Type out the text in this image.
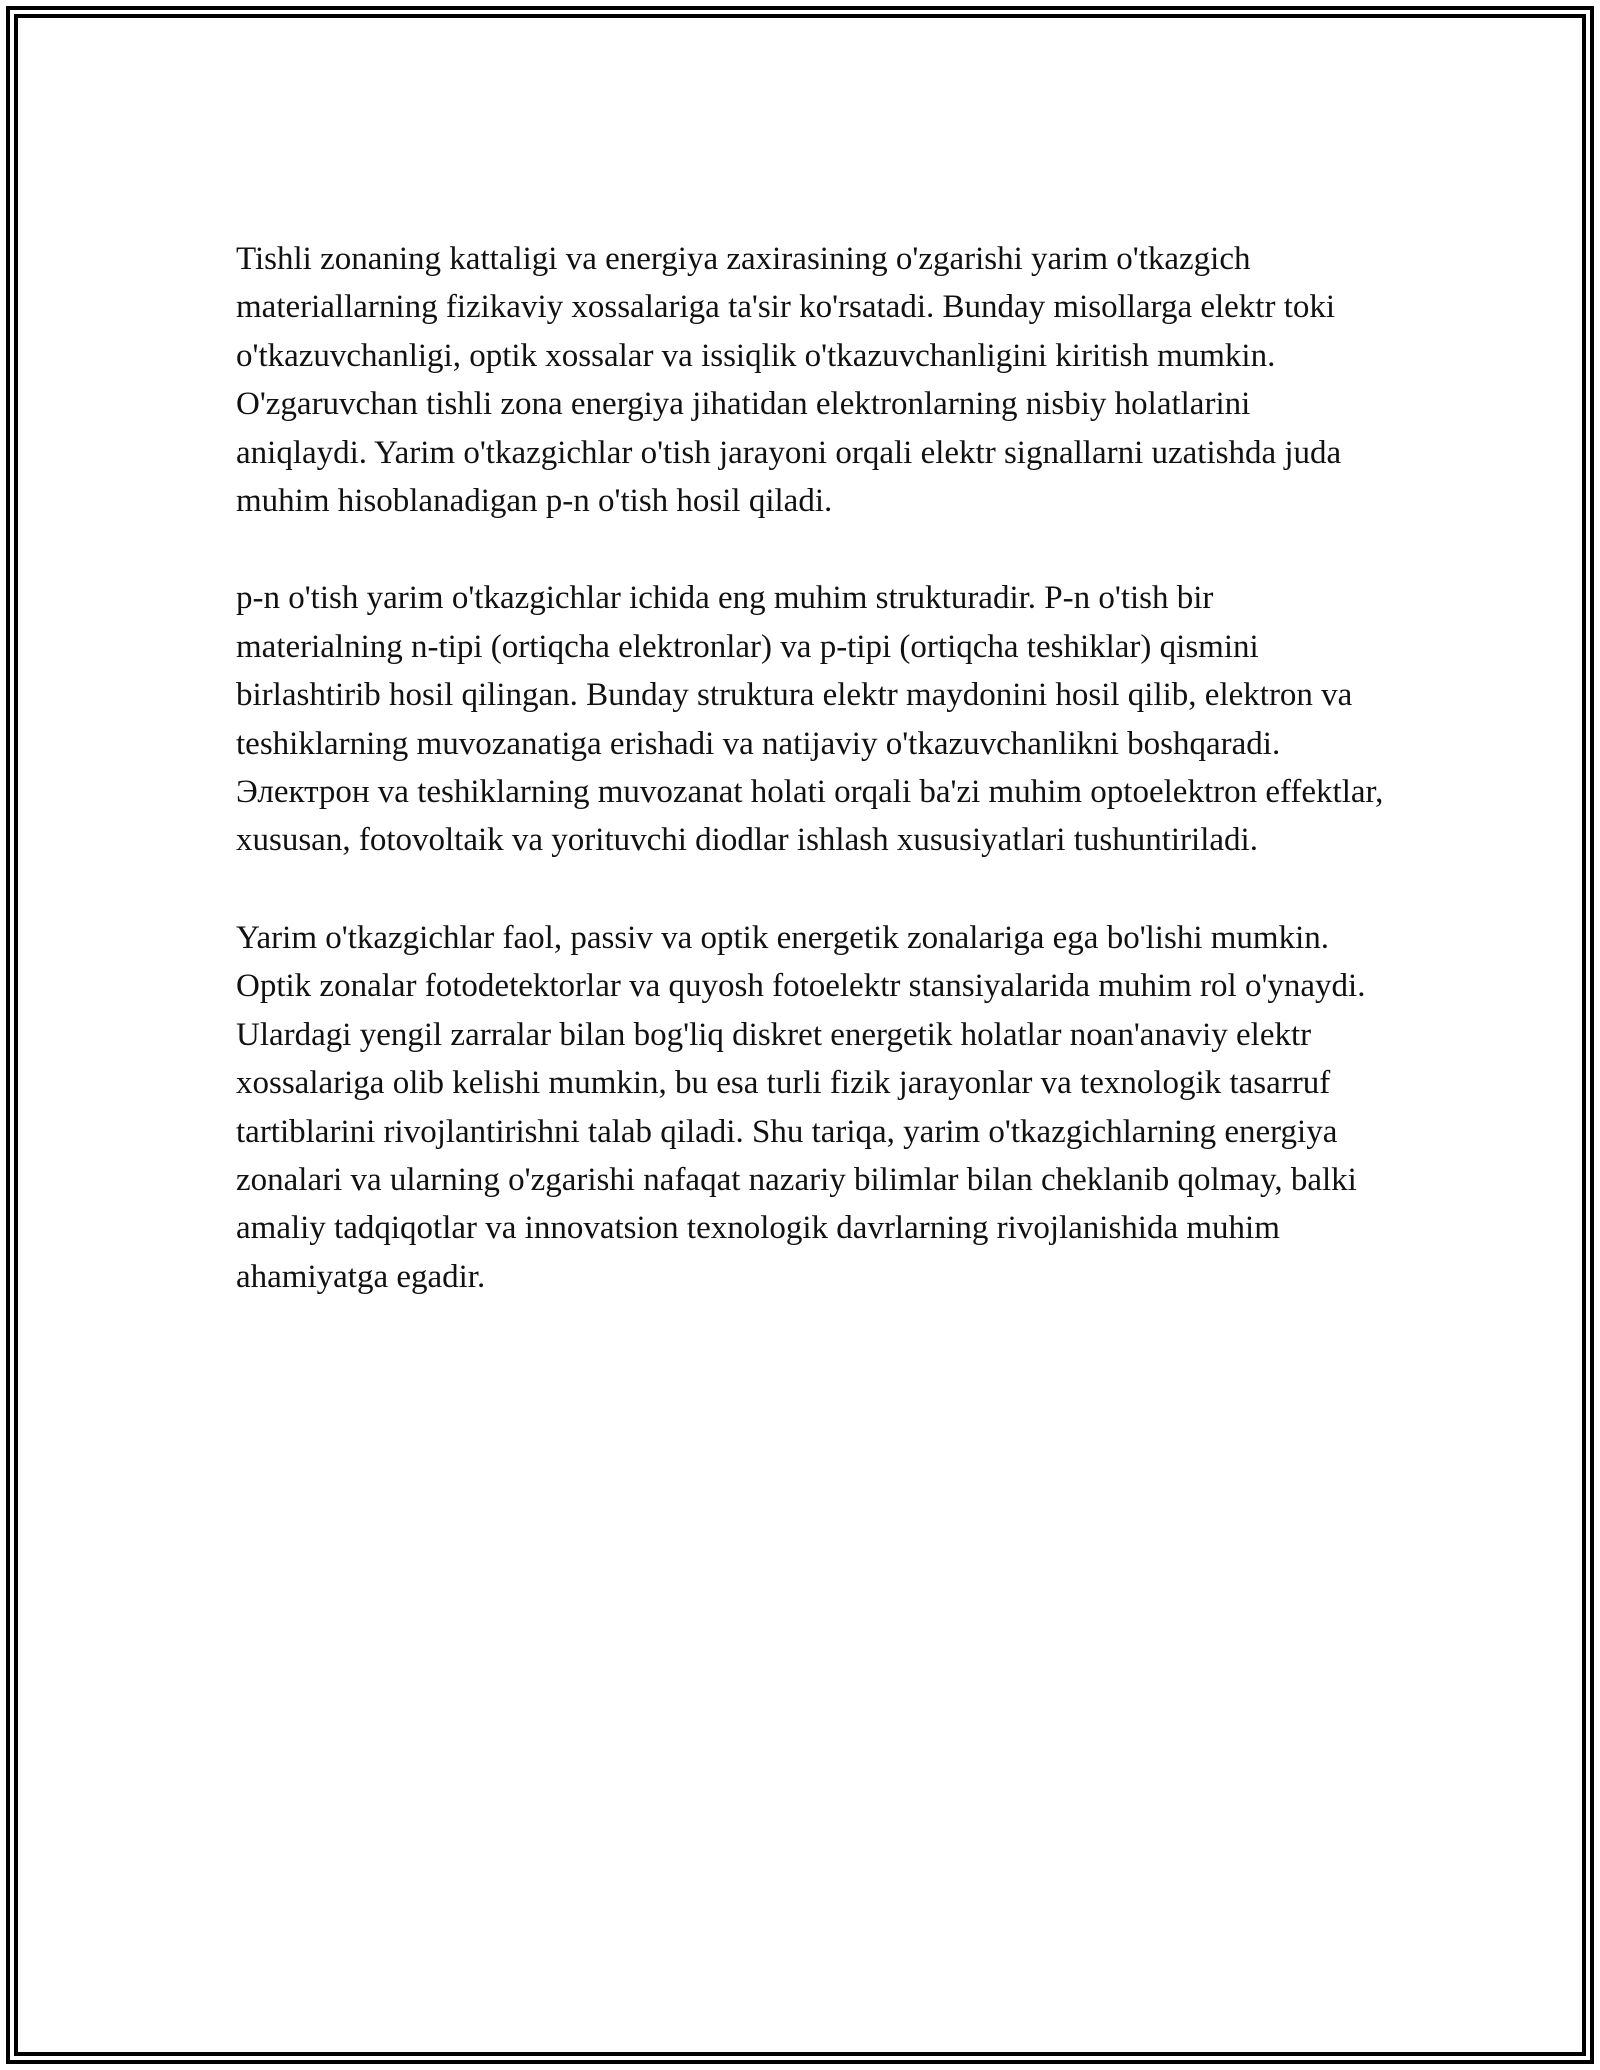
Tishli zonaning kattaligi va energiya zaxirasining o'zgarishi yarim o'tkazgich materiallarning fizikaviy xossalariga ta'sir ko'rsatadi. Bunday misollarga elektr toki o'tkazuvchanligi, optik xossalar va issiqlik o'tkazuvchanligini kiritish mumkin. O'zgaruvchan tishli zona energiya jihatidan elektronlarning nisbiy holatlarini aniqlaydi. Yarim o'tkazgichlar o'tish jarayoni orqali elektr signallarni uzatishda juda muhim hisoblanadigan p-n o'tish hosil qiladi.

p-n o'tish yarim o'tkazgichlar ichida eng muhim strukturadir. P-n o'tish bir materialning n-tipi (ortiqcha elektronlar) va p-tipi (ortiqcha teshiklar) qismini birlashtirib hosil qilingan. Bunday struktura elektr maydonini hosil qilib, elektron va teshiklarning muvozanatiga erishadi va natijaviy o'tkazuvchanlikni boshqaradi. Электрон va teshiklarning muvozanat holati orqali ba'zi muhim optoelektron effektlar, xususan, fotovoltaik va yorituvchi diodlar ishlash xususiyatlari tushuntiriladi.

Yarim o'tkazgichlar faol, passiv va optik energetik zonalariga ega bo'lishi mumkin. Optik zonalar fotodetektorlar va quyosh fotoelektr stansiyalarida muhim rol o'ynaydi. Ulardagi yengil zarralar bilan bog'liq diskret energetik holatlar noan'anaviy elektr xossalariga olib kelishi mumkin, bu esa turli fizik jarayonlar va texnologik tasarruf tartiblarini rivojlantirishni talab qiladi. Shu tariqa, yarim o'tkazgichlarning energiya zonalari va ularning o'zgarishi nafaqat nazariy bilimlar bilan cheklanib qolmay, balki amaliy tadqiqotlar va innovatsion texnologik davrlarning rivojlanishida muhim ahamiyatga egadir.
